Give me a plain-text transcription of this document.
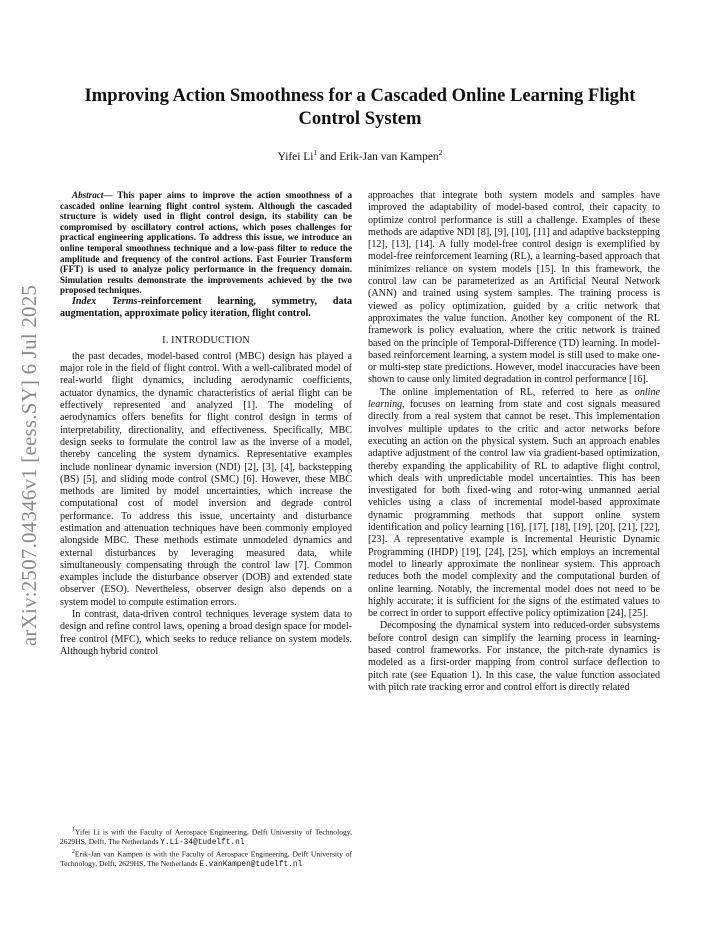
arXiv:2507.04346v1 [eess.SY] 6 Jul 2025
Improving Action Smoothness for a Cascaded Online Learning Flight Control System
Yifei Li$^1$ and Erik-Jan van Kampen$^2$

Abstract— This paper aims to improve the action smoothness of a cascaded online learning flight control system. Although the cascaded structure is widely used in flight control design, its stability can be compromised by oscillatory control actions, which poses challenges for practical engineering applications. To address this issue, we introduce an online temporal smoothness technique and a low-pass filter to reduce the amplitude and frequency of the control actions. Fast Fourier Transform (FFT) is used to analyze policy performance in the frequency domain. Simulation results demonstrate the improvements achieved by the two proposed techniques.

Index Terms-reinforcement learning, symmetry, data augmentation, approximate policy iteration, flight control.

I. INTRODUCTION

the past decades, model-based control (MBC) design has played a major role in the field of flight control. With a well-calibrated model of real-world flight dynamics, including aerodynamic coefficients, actuator dynamics, the dynamic characteristics of aerial flight can be effectively represented and analyzed [1]. The modeling of aerodynamics offers benefits for flight control design in terms of interpretability, directionality, and effectiveness. Specifically, MBC design seeks to formulate the control law as the inverse of a model, thereby canceling the system dynamics. Representative examples include nonlinear dynamic inversion (NDI) [2], [3], [4], backstepping (BS) [5], and sliding mode control (SMC) [6]. However, these MBC methods are limited by model uncertainties, which increase the computational cost of model inversion and degrade control performance. To address this issue, uncertainty and disturbance estimation and attenuation techniques have been commonly employed alongside MBC. These methods estimate unmodeled dynamics and external disturbances by leveraging measured data, while simultaneously compensating through the control law [7]. Common examples include the disturbance observer (DOB) and extended state observer (ESO). Nevertheless, observer design also depends on a system model to compute estimation errors.

In contrast, data-driven control techniques leverage system data to design and refine control laws, opening a broad design space for model-free control (MFC), which seeks to reduce reliance on system models. Although hybrid control

approaches that integrate both system models and samples have improved the adaptability of model-based control, their capacity to optimize control performance is still a challenge. Examples of these methods are adaptive NDI [8], [9], [10], [11] and adaptive backstepping [12], [13], [14]. A fully model-free control design is exemplified by model-free reinforcement learning (RL), a learning-based approach that minimizes reliance on system models [15]. In this framework, the control law can be parameterized as an Artificial Neural Network (ANN) and trained using system samples. The training process is viewed as policy optimization, guided by a critic network that approximates the value function. Another key component of the RL framework is policy evaluation, where the critic network is trained based on the principle of Temporal-Difference (TD) learning. In model-based reinforcement learning, a system model is still used to make one- or multi-step state predictions. However, model inaccuracies have been shown to cause only limited degradation in control performance [16].

The online implementation of RL, referred to here as online learning, focuses on learning from state and cost signals measured directly from a real system that cannot be reset. This implementation involves multiple updates to the critic and actor networks before executing an action on the physical system. Such an approach enables adaptive adjustment of the control law via gradient-based optimization, thereby expanding the applicability of RL to adaptive flight control, which deals with unpredictable model uncertainties. This has been investigated for both fixed-wing and rotor-wing unmanned aerial vehicles using a class of incremental model-based approximate dynamic programming methods that support online system identification and policy learning [16], [17], [18], [19], [20], [21], [22], [23]. A representative example is Incremental Heuristic Dynamic Programming (IHDP) [19], [24], [25], which employs an incremental model to linearly approximate the nonlinear system. This approach reduces both the model complexity and the computational burden of online learning. Notably, the incremental model does not need to be highly accurate; it is sufficient for the signs of the estimated values to be correct in order to support effective policy optimization [24], [25].

Decomposing the dynamical system into reduced-order subsystems before control design can simplify the learning process in learning-based control frameworks. For instance, the pitch-rate dynamics is modeled as a first-order mapping from control surface deflection to pitch rate (see Equation 1). In this case, the value function associated with pitch rate tracking error and control effort is directly related

$^1$Yifei Li is with the Faculty of Aerospace Engineering, Delft University of Technology, 2629HS, Delft, The Netherlands Y.Li-34@tudelft.nl

$^2$Erik-Jan van Kampen is with the Faculty of Aerospace Engineering, Delft University of Technology, Delft, 2629HS, The Netherlands E.vanKampen@tudelft.nl
